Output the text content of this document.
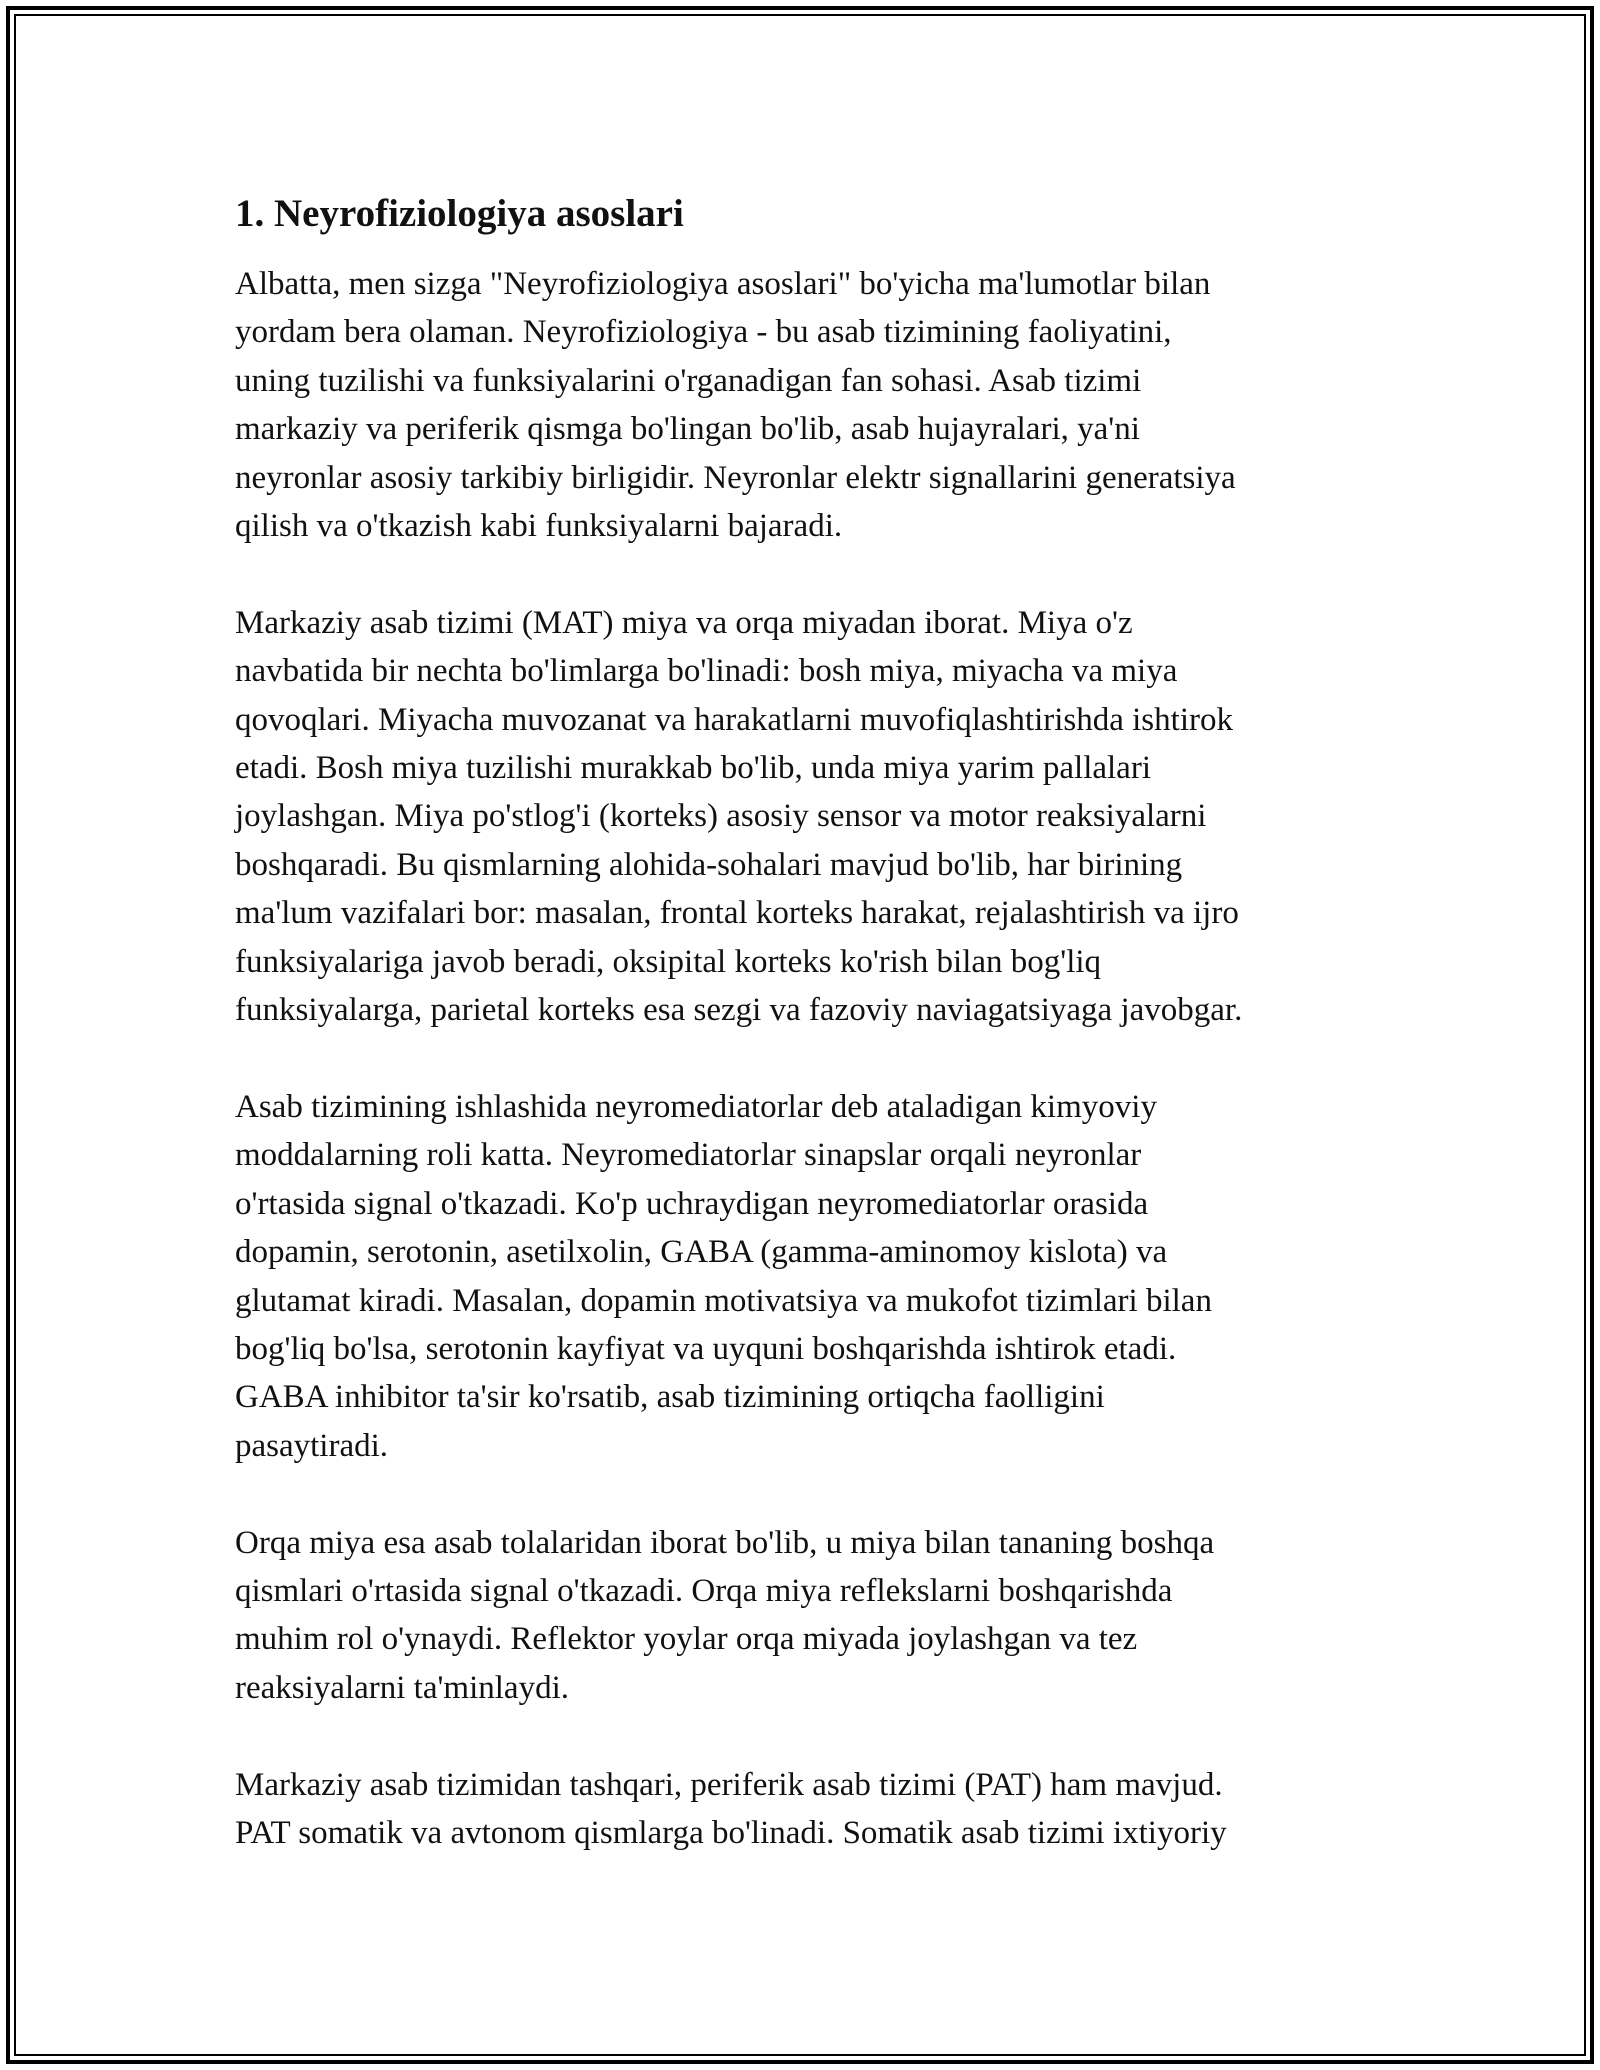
1. Neyrofiziologiya asoslari

Albatta, men sizga "Neyrofiziologiya asoslari" bo'yicha ma'lumotlar bilan
yordam bera olaman. Neyrofiziologiya - bu asab tizimining faoliyatini,
uning tuzilishi va funksiyalarini o'rganadigan fan sohasi. Asab tizimi
markaziy va periferik qismga bo'lingan bo'lib, asab hujayralari, ya'ni
neyronlar asosiy tarkibiy birligidir. Neyronlar elektr signallarini generatsiya
qilish va o'tkazish kabi funksiyalarni bajaradi.

Markaziy asab tizimi (MAT) miya va orqa miyadan iborat. Miya o'z
navbatida bir nechta bo'limlarga bo'linadi: bosh miya, miyacha va miya
qovoqlari. Miyacha muvozanat va harakatlarni muvofiqlashtirishda ishtirok
etadi. Bosh miya tuzilishi murakkab bo'lib, unda miya yarim pallalari
joylashgan. Miya po'stlog'i (korteks) asosiy sensor va motor reaksiyalarni
boshqaradi. Bu qismlarning alohida-sohalari mavjud bo'lib, har birining
ma'lum vazifalari bor: masalan, frontal korteks harakat, rejalashtirish va ijro
funksiyalariga javob beradi, oksipital korteks ko'rish bilan bog'liq
funksiyalarga, parietal korteks esa sezgi va fazoviy naviagatsiyaga javobgar.

Asab tizimining ishlashida neyromediatorlar deb ataladigan kimyoviy
moddalarning roli katta. Neyromediatorlar sinapslar orqali neyronlar
o'rtasida signal o'tkazadi. Ko'p uchraydigan neyromediatorlar orasida
dopamin, serotonin, asetilxolin, GABA (gamma-aminomoy kislota) va
glutamat kiradi. Masalan, dopamin motivatsiya va mukofot tizimlari bilan
bog'liq bo'lsa, serotonin kayfiyat va uyquni boshqarishda ishtirok etadi.
GABA inhibitor ta'sir ko'rsatib, asab tizimining ortiqcha faolligini
pasaytiradi.

Orqa miya esa asab tolalaridan iborat bo'lib, u miya bilan tananing boshqa
qismlari o'rtasida signal o'tkazadi. Orqa miya reflekslarni boshqarishda
muhim rol o'ynaydi. Reflektor yoylar orqa miyada joylashgan va tez
reaksiyalarni ta'minlaydi.

Markaziy asab tizimidan tashqari, periferik asab tizimi (PAT) ham mavjud.
PAT somatik va avtonom qismlarga bo'linadi. Somatik asab tizimi ixtiyoriy
